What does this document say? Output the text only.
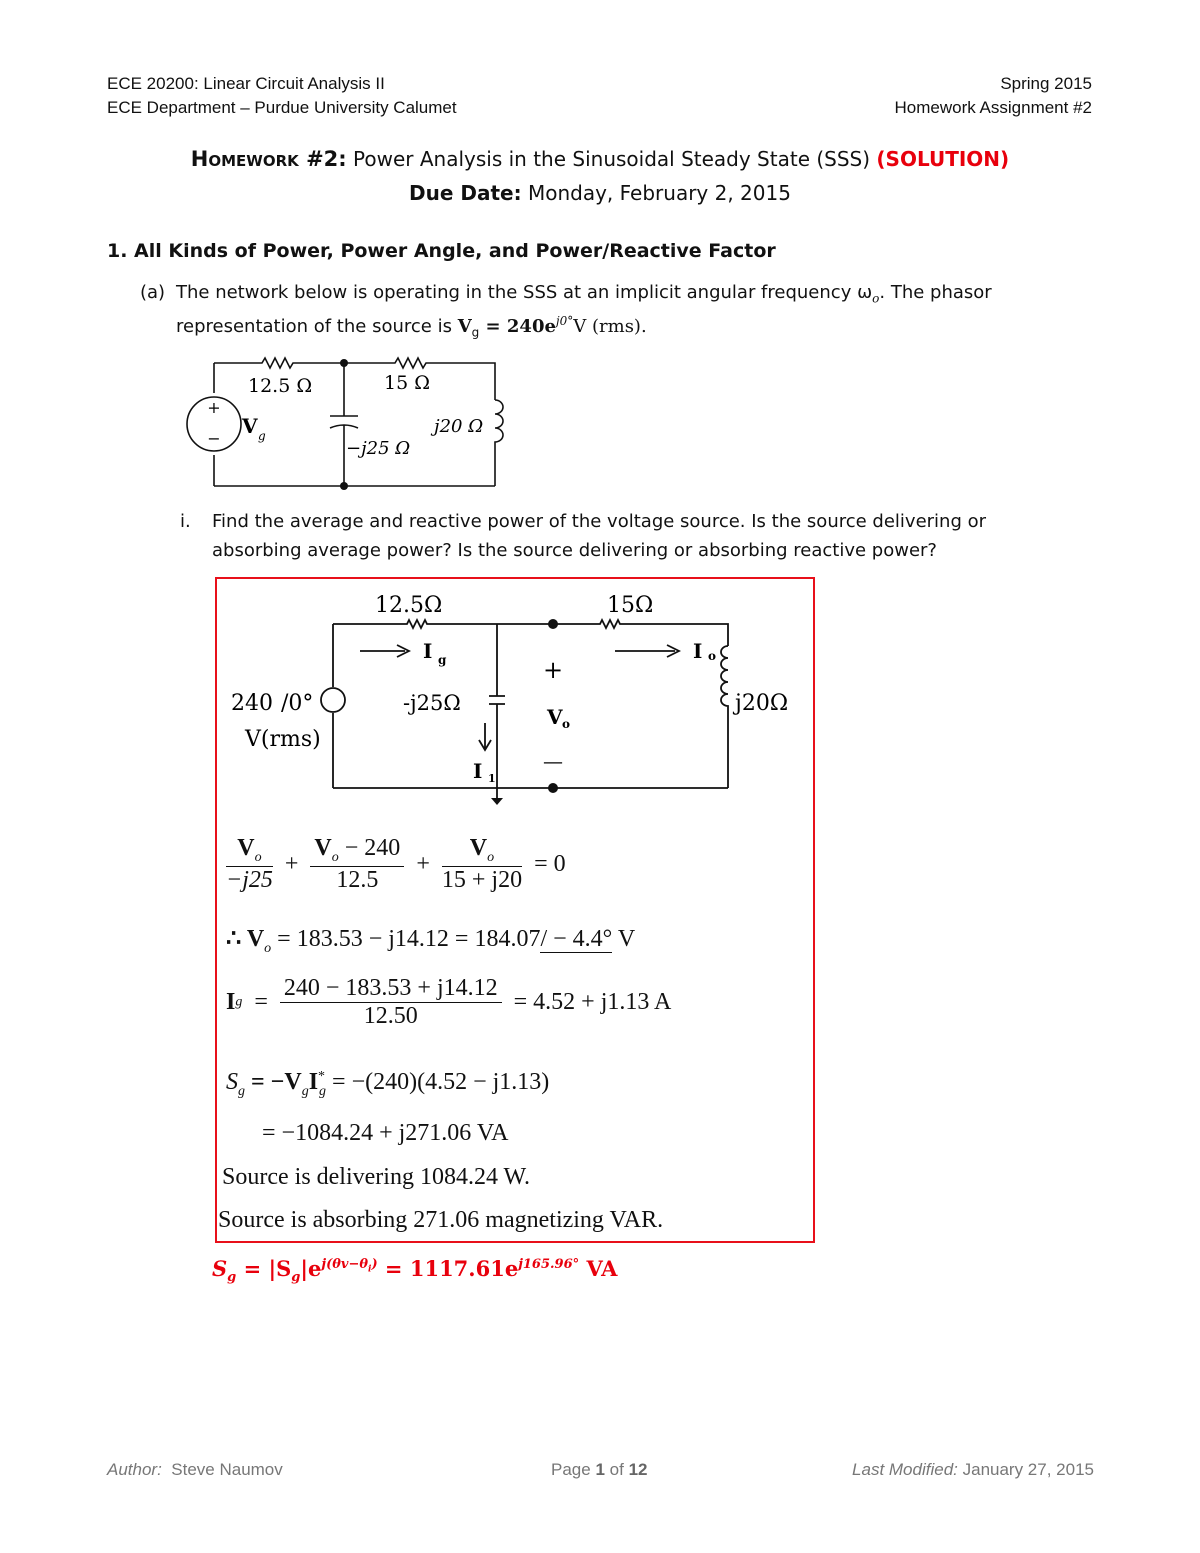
ECE 20200: Linear Circuit Analysis II
ECE Department – Purdue University Calumet
Spring 2015
Homework Assignment #2
Homework #2: Power Analysis in the Sinusoidal Steady State (SSS) (SOLUTION)
Due Date: Monday, February 2, 2015
1. All Kinds of Power, Power Angle, and Power/Reactive Factor
(a) The network below is operating in the SSS at an implicit angular frequency $\omega_o$. The phasor
representation of the source is $V_g = 240e^{j0^\circ}V$ (rms).
+
−
12.5 Ω	15 Ω
V g
−j25 Ω
j20 Ω
i. Find the average and reactive power of the voltage source. Is the source delivering or
absorbing average power? Is the source delivering or absorbing reactive power?
12.5Ω	15Ω
I g	I o
240 /0°
V(rms)
-j25Ω
I 1
+
V o
—
j20Ω
$\frac{V_o}{-j25} + \frac{V_o - 240}{12.5} + \frac{V_o}{15 + j20} = 0$
∴ $V_o = 183.53 - j14.12 = 184.07/ - 4.4^\circ$ V
$Ig = \frac{240 - 183.53 + j14.12}{12.50} = 4.52 + j1.13$ A
$S_g = -V_gI^*_g = -(240)(4.52 - j1.13)$
= −1084.24 + j271.06 VA
Source is delivering 1084.24 W.
Source is absorbing 271.06 magnetizing VAR.
$S_g = |S_g|e^{j(\theta v-\theta_i)} = 1117.61e^{j165.96^\circ}$ VA
Author: Steve Naumov	Page 1 of 12	Last Modified: January 27, 2015
